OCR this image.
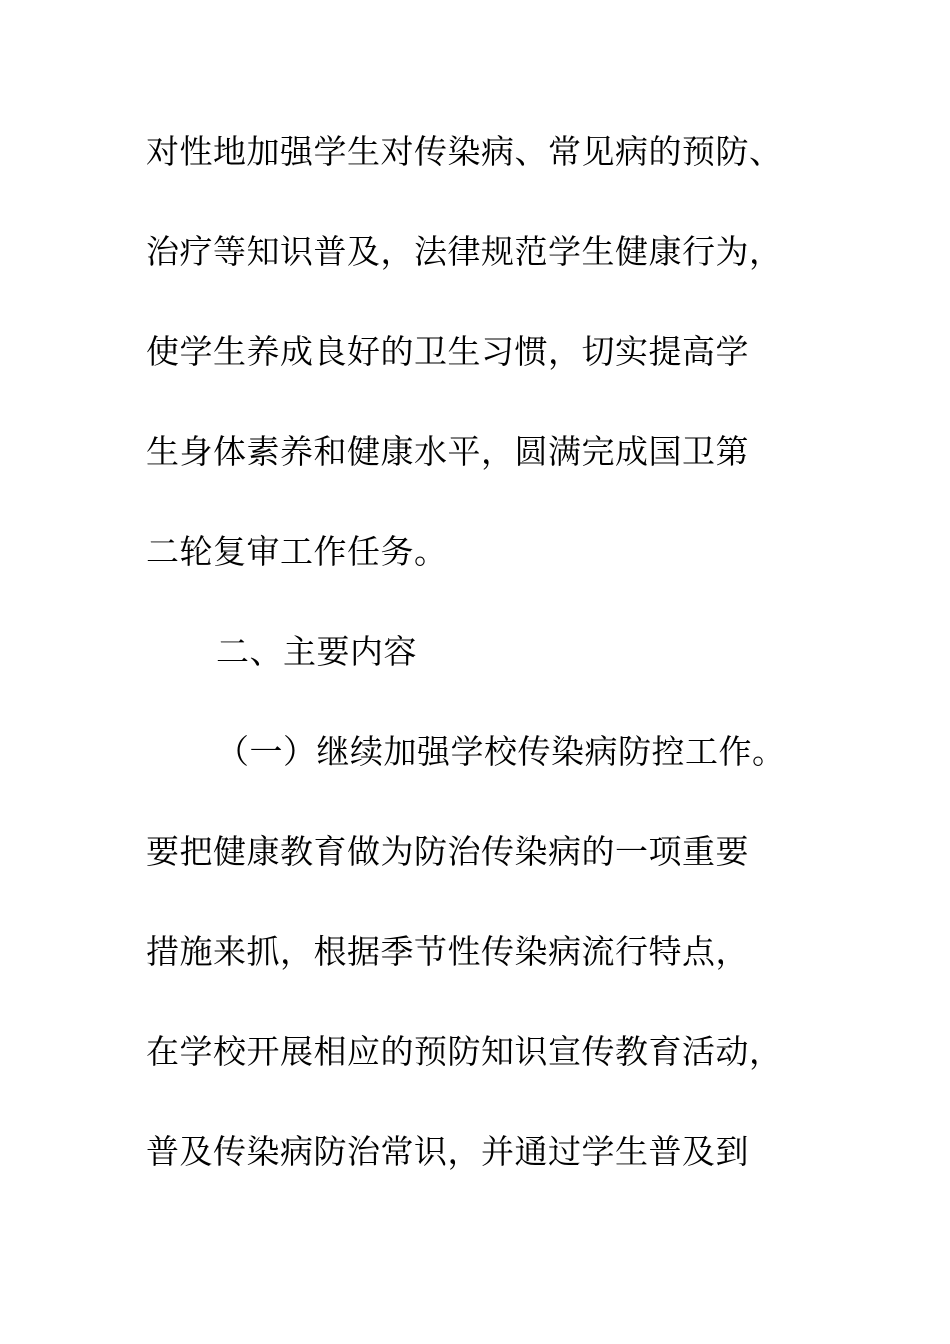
对性地加强学生对传染病、常见病的预防、
治疗等知识普及，法律规范学生健康行为，
使学生养成良好的卫生习惯，切实提高学
生身体素养和健康水平，圆满完成国卫第
二轮复审工作任务。
二、主要内容
（一）继续加强学校传染病防控工作。
要把健康教育做为防治传染病的一项重要
措施来抓，根据季节性传染病流行特点，
在学校开展相应的预防知识宣传教育活动，
普及传染病防治常识，并通过学生普及到
